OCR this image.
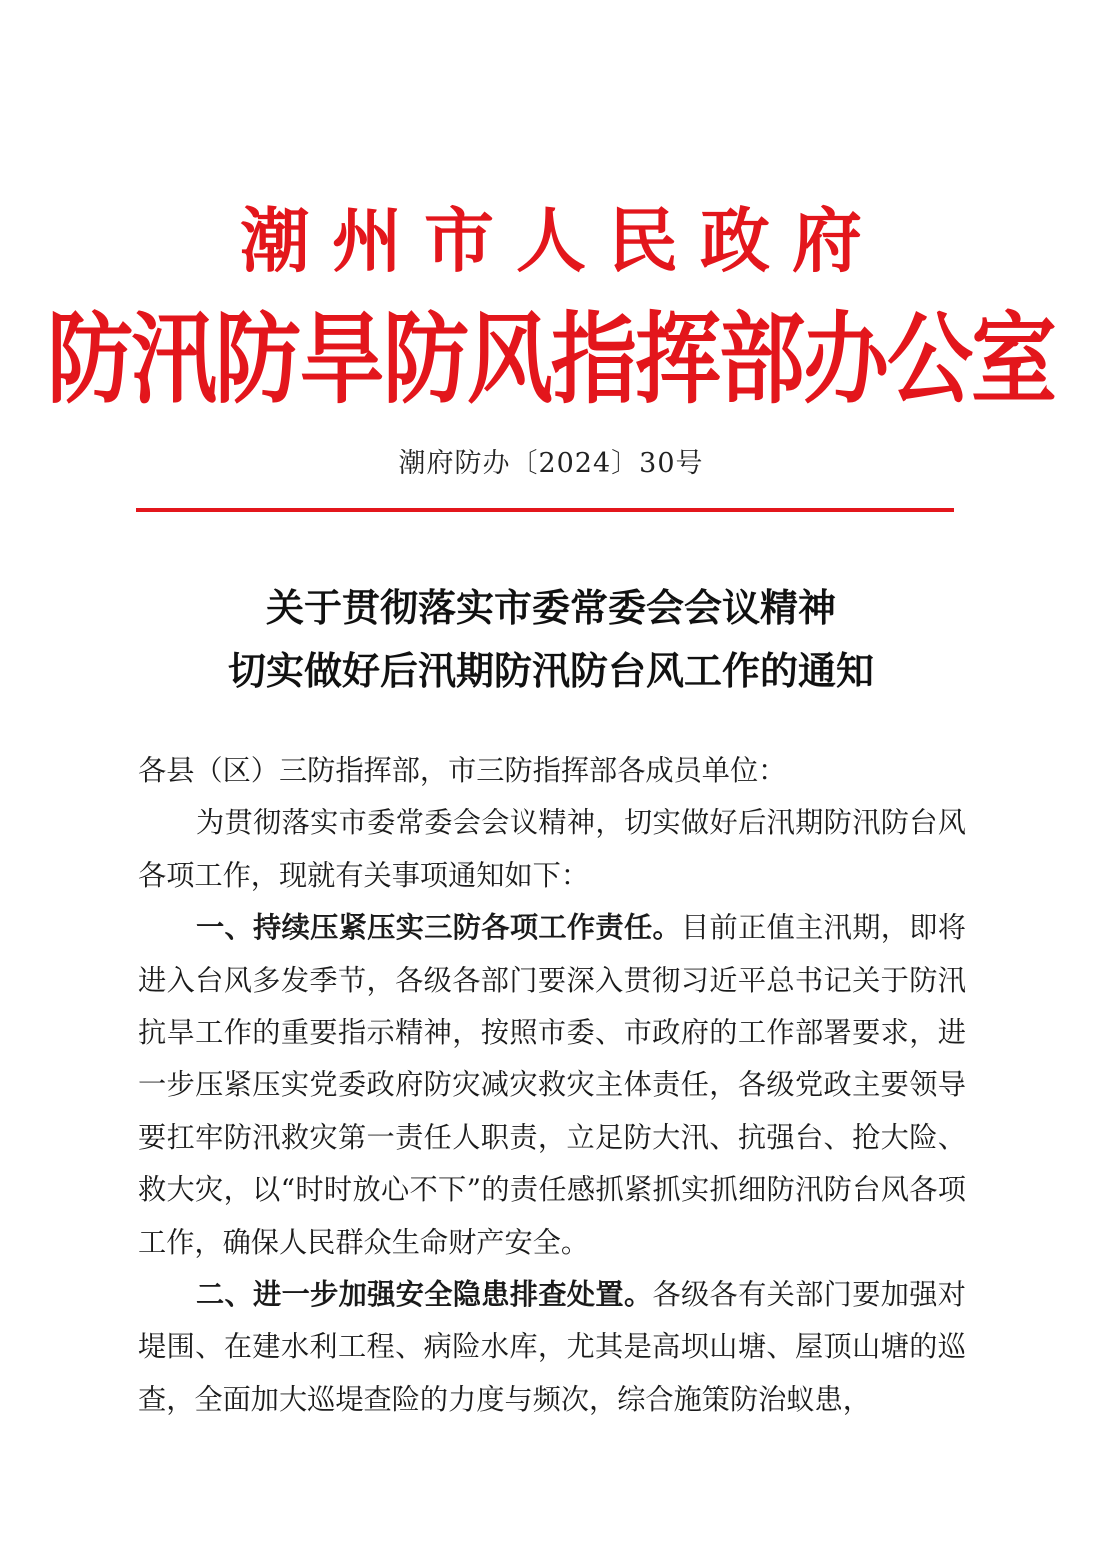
潮州市人民政府
防汛防旱防风指挥部办公室
潮府防办〔2024〕30号
关于贯彻落实市委常委会会议精神
切实做好后汛期防汛防台风工作的通知

各县（区）三防指挥部，市三防指挥部各成员单位：

为贯彻落实市委常委会会议精神，切实做好后汛期防汛防台风各项工作，现就有关事项通知如下：

一、持续压紧压实三防各项工作责任。目前正值主汛期，即将进入台风多发季节，各级各部门要深入贯彻习近平总书记关于防汛抗旱工作的重要指示精神，按照市委、市政府的工作部署要求，进一步压紧压实党委政府防灾减灾救灾主体责任，各级党政主要领导要扛牢防汛救灾第一责任人职责，立足防大汛、抗强台、抢大险、救大灾，以“时时放心不下”的责任感抓紧抓实抓细防汛防台风各项工作，确保人民群众生命财产安全。

二、进一步加强安全隐患排查处置。各级各有关部门要加强对堤围、在建水利工程、病险水库，尤其是高坝山塘、屋顶山塘的巡查，全面加大巡堤查险的力度与频次，综合施策防治蚁患，
